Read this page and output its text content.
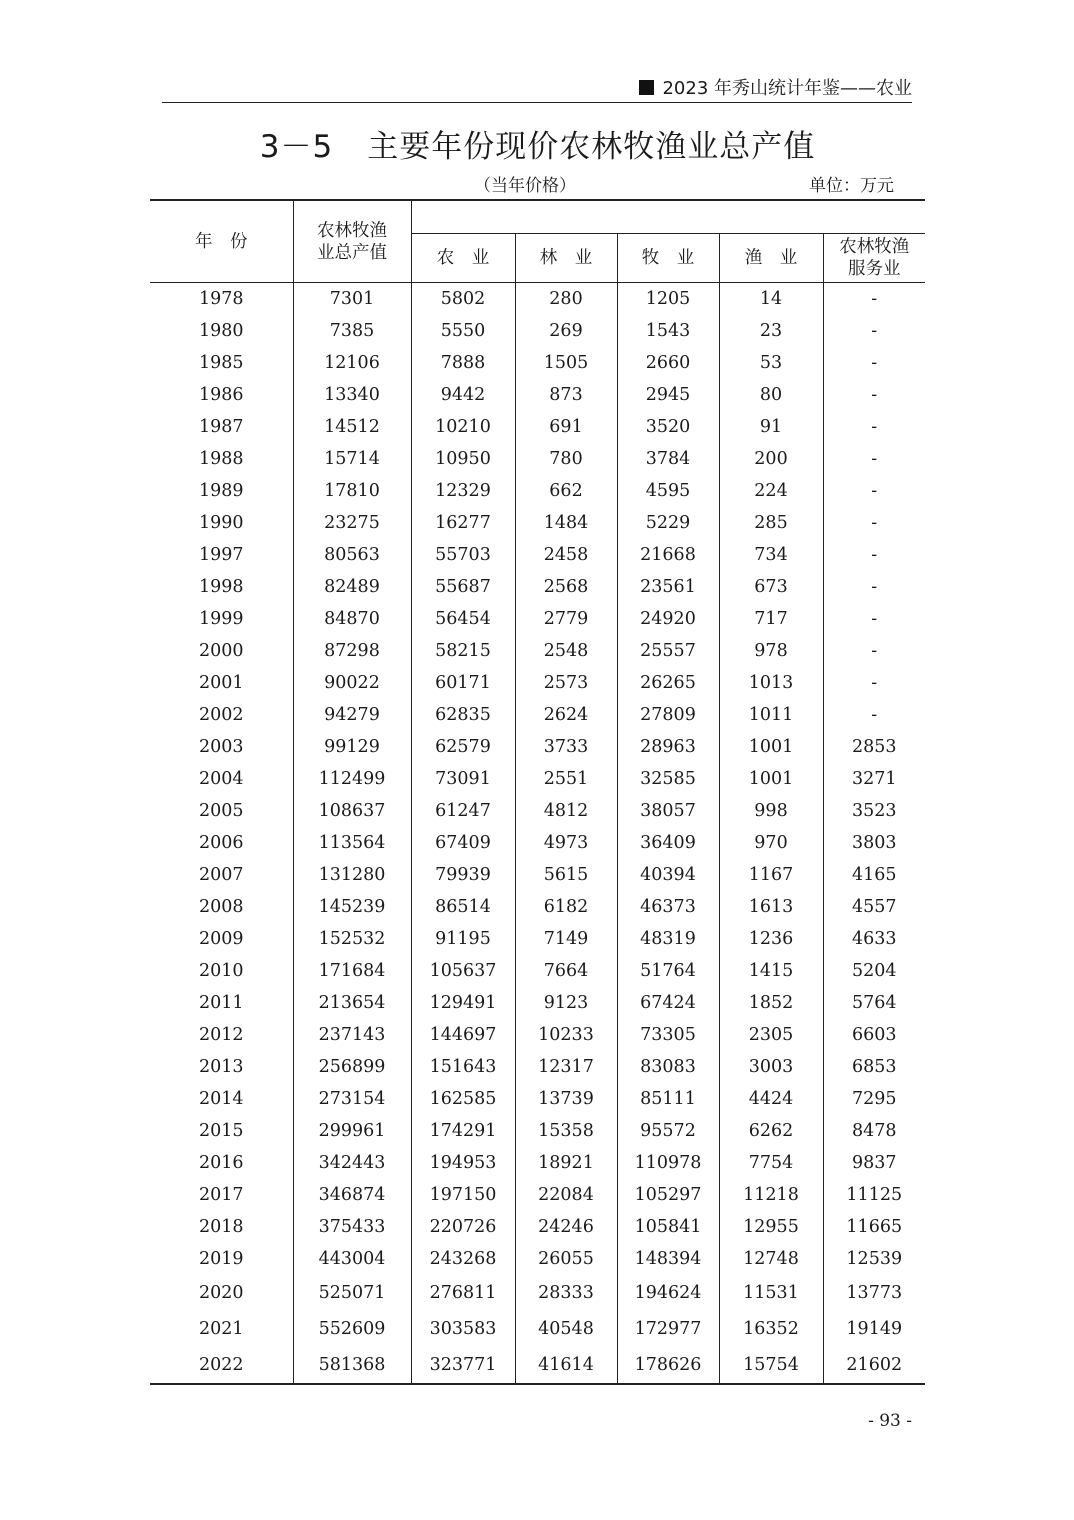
2023 年秀山统计年鉴——农业
3－5 主要年份现价农林牧渔业总产值
（当年价格）	单位：万元
年　份	农林牧渔
业总产值					

		农　业	林　业	牧　业	渔　业	农林牧渔
服务业

1978	7301	5802	280	1205	14	-
1980	7385	5550	269	1543	23	-
1985	12106	7888	1505	2660	53	-
1986	13340	9442	873	2945	80	-
1987	14512	10210	691	3520	91	-
1988	15714	10950	780	3784	200	-
1989	17810	12329	662	4595	224	-
1990	23275	16277	1484	5229	285	-
1997	80563	55703	2458	21668	734	-
1998	82489	55687	2568	23561	673	-
1999	84870	56454	2779	24920	717	-
2000	87298	58215	2548	25557	978	-
2001	90022	60171	2573	26265	1013	-
2002	94279	62835	2624	27809	1011	-
2003	99129	62579	3733	28963	1001	2853
2004	112499	73091	2551	32585	1001	3271
2005	108637	61247	4812	38057	998	3523
2006	113564	67409	4973	36409	970	3803
2007	131280	79939	5615	40394	1167	4165
2008	145239	86514	6182	46373	1613	4557
2009	152532	91195	7149	48319	1236	4633
2010	171684	105637	7664	51764	1415	5204
2011	213654	129491	9123	67424	1852	5764
2012	237143	144697	10233	73305	2305	6603
2013	256899	151643	12317	83083	3003	6853
2014	273154	162585	13739	85111	4424	7295
2015	299961	174291	15358	95572	6262	8478
2016	342443	194953	18921	110978	7754	9837
2017	346874	197150	22084	105297	11218	11125
2018	375433	220726	24246	105841	12955	11665
2019	443004	243268	26055	148394	12748	12539
2020	525071	276811	28333	194624	11531	13773
2021	552609	303583	40548	172977	16352	19149
2022	581368	323771	41614	178626	15754	21602
- 93 -
